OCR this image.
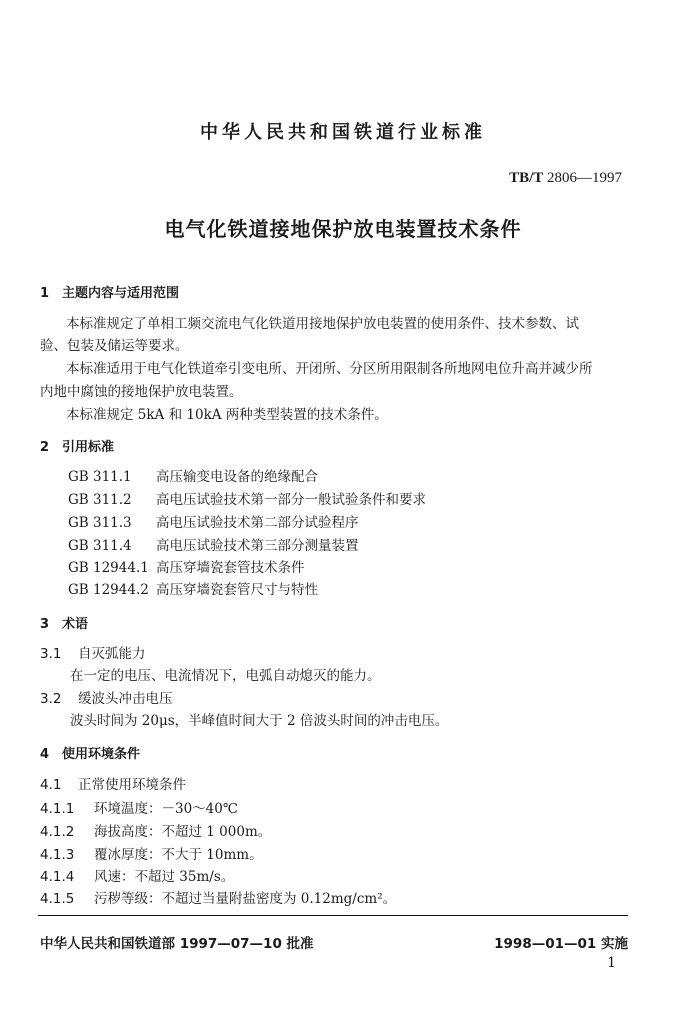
中华人民共和国铁道行业标准
TB/T 2806—1997
电气化铁道接地保护放电装置技术条件
1 主题内容与适用范围
本标准规定了单相工频交流电气化铁道用接地保护放电装置的使用条件、技术参数、试
验、包装及储运等要求。
本标准适用于电气化铁道牵引变电所、开闭所、分区所用限制各所地网电位升高并减少所
内地中腐蚀的接地保护放电装置。
本标准规定 5kA 和 10kA 两种类型装置的技术条件。
2 引用标准
GB 311.1 高压输变电设备的绝缘配合
GB 311.2 高电压试验技术第一部分一般试验条件和要求
GB 311.3 高电压试验技术第二部分试验程序
GB 311.4 高电压试验技术第三部分测量装置
GB 12944.1 高压穿墙瓷套管技术条件
GB 12944.2 高压穿墙瓷套管尺寸与特性
3 术语
3.1 自灭弧能力
在一定的电压、电流情况下，电弧自动熄灭的能力。
3.2 缓波头冲击电压
波头时间为 20μs，半峰值时间大于 2 倍波头时间的冲击电压。
4 使用环境条件
4.1 正常使用环境条件
4.1.1 环境温度：－30～40℃
4.1.2 海拔高度：不超过 1 000m。
4.1.3 覆冰厚度：不大于 10mm。
4.1.4 风速：不超过 35m/s。
4.1.5 污秽等级：不超过当量附盐密度为 0.12mg/cm²。
中华人民共和国铁道部 1997—07—10 批准	1998—01—01 实施
1
